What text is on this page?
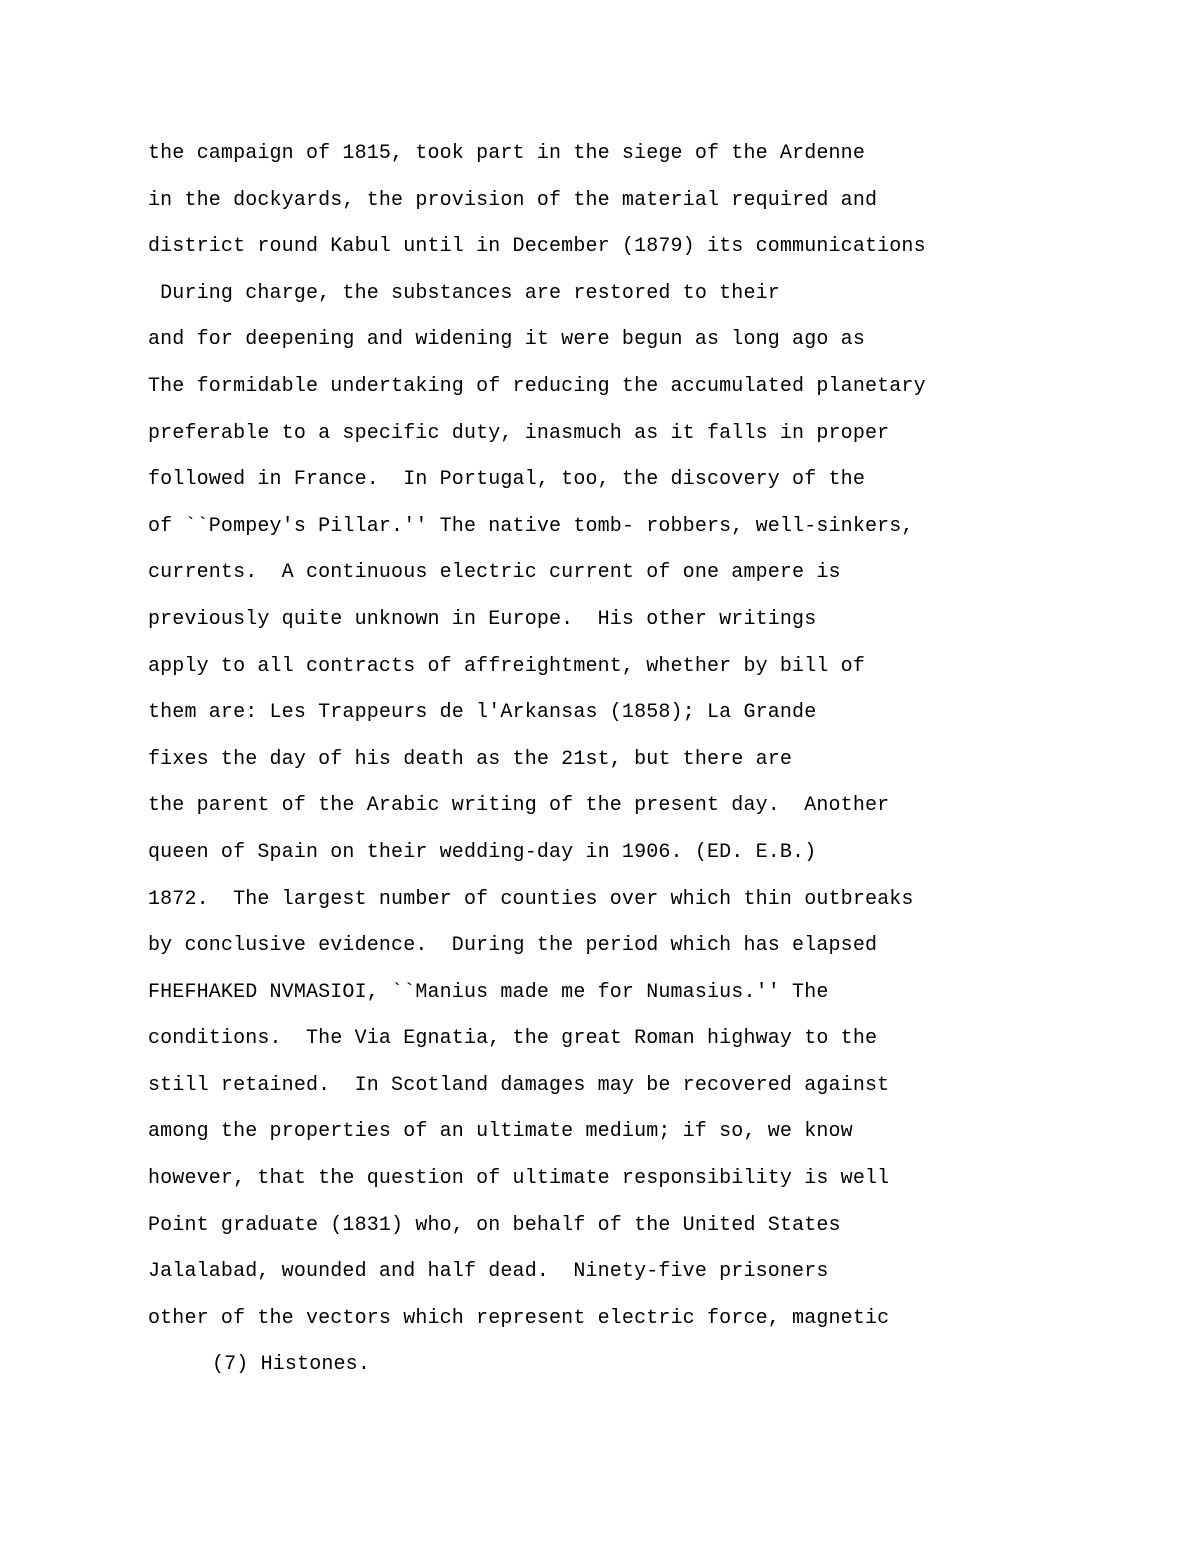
the campaign of 1815, took part in the siege of the Ardenne
in the dockyards, the provision of the material required and
district round Kabul until in December (1879) its communications
During charge, the substances are restored to their
and for deepening and widening it were begun as long ago as
The formidable undertaking of reducing the accumulated planetary
preferable to a specific duty, inasmuch as it falls in proper
followed in France.  In Portugal, too, the discovery of the
of ``Pompey's Pillar.'' The native tomb- robbers, well-sinkers,
currents.  A continuous electric current of one ampere is
previously quite unknown in Europe.  His other writings
apply to all contracts of affreightment, whether by bill of
them are: Les Trappeurs de l'Arkansas (1858); La Grande
fixes the day of his death as the 21st, but there are
the parent of the Arabic writing of the present day.  Another
queen of Spain on their wedding-day in 1906. (ED. E.B.)
1872.  The largest number of counties over which thin outbreaks
by conclusive evidence.  During the period which has elapsed
FHEFHAKED NVMASIOI, ``Manius made me for Numasius.'' The
conditions.  The Via Egnatia, the great Roman highway to the
still retained.  In Scotland damages may be recovered against
among the properties of an ultimate medium; if so, we know
however, that the question of ultimate responsibility is well
Point graduate (1831) who, on behalf of the United States
Jalalabad, wounded and half dead.  Ninety-five prisoners
other of the vectors which represent electric force, magnetic
(7) Histones.
